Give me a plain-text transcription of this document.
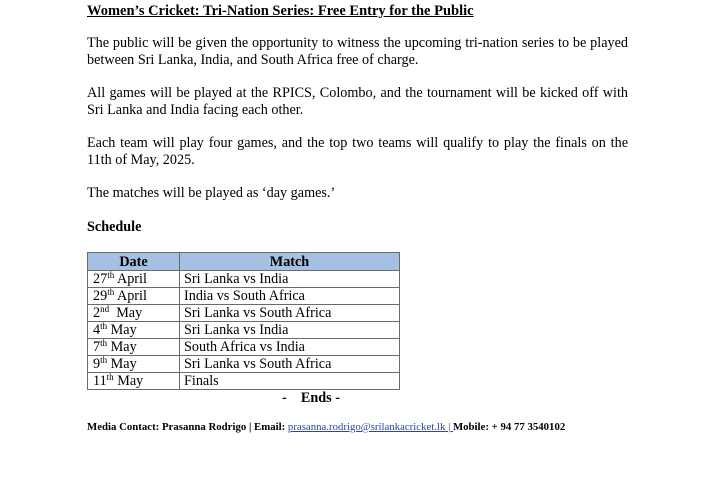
Women’s Cricket: Tri-Nation Series: Free Entry for the Public
The public will be given the opportunity to witness the upcoming tri-nation series to be played between Sri Lanka, India, and South Africa free of charge.
All games will be played at the RPICS, Colombo, and the tournament will be kicked off with Sri Lanka and India facing each other.
Each team will play four games, and the top two teams will qualify to play the finals on the 11th of May, 2025.
The matches will be played as ‘day games.’
Schedule
Date	Match
27th April	Sri Lanka vs India
29th April	India vs South Africa
2nd  May	Sri Lanka vs South Africa
4th May	Sri Lanka vs India
7th May	South Africa vs India
9th May	Sri Lanka vs South Africa
11th May	Finals
-    Ends -
Media Contact: Prasanna Rodrigo | Email: prasanna.rodrigo@srilankacricket.lk | Mobile: + 94 77 3540102
